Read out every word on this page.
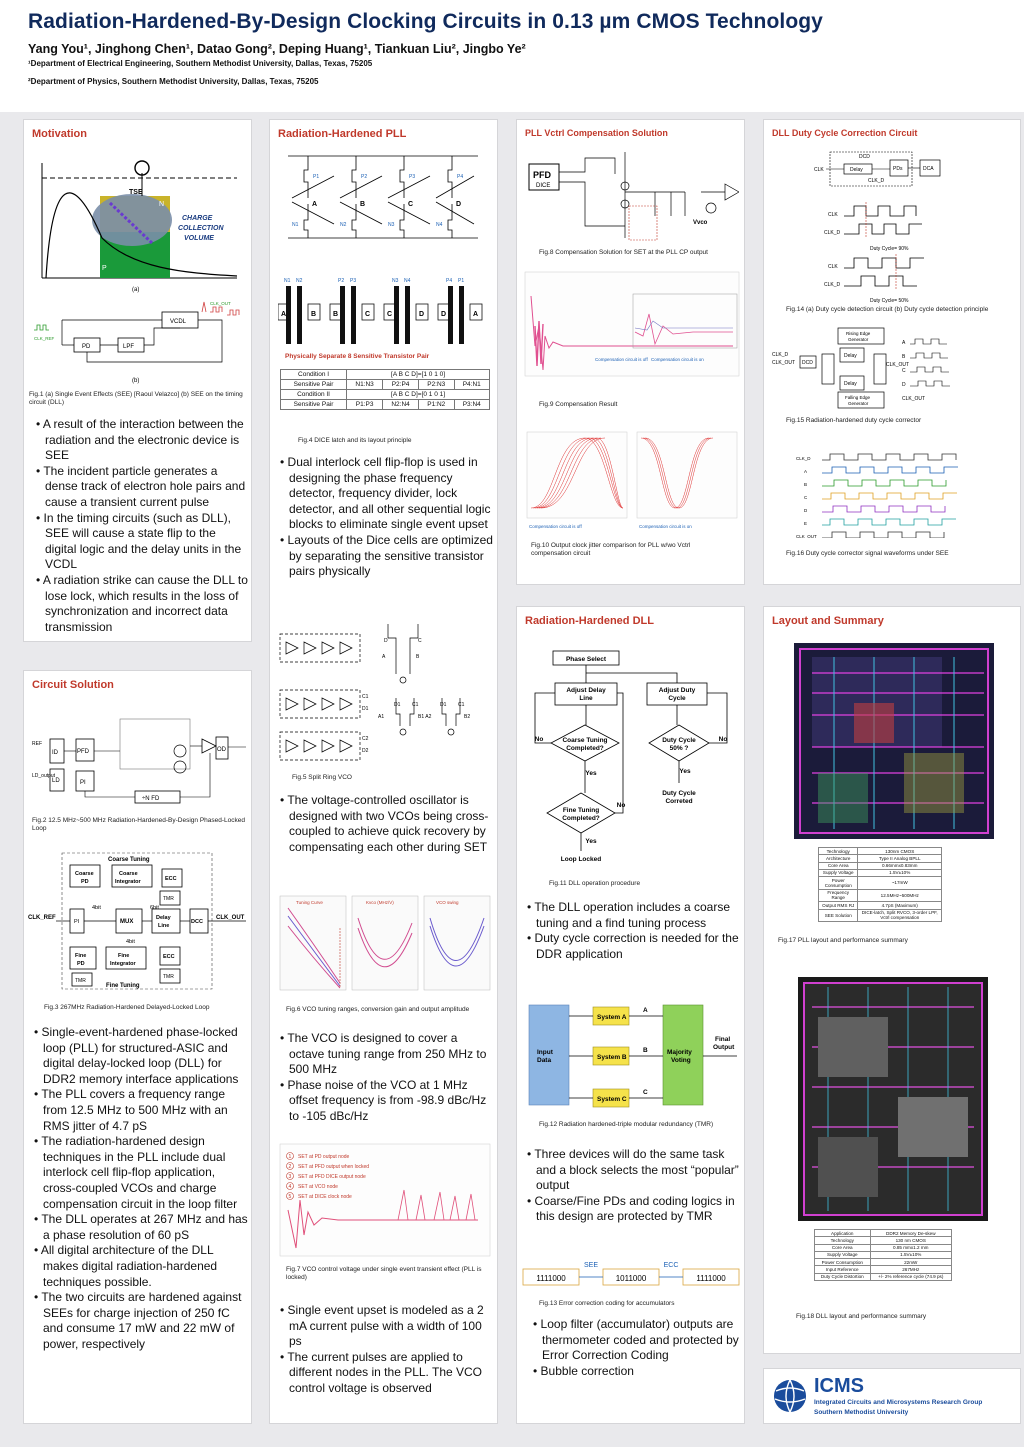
Radiation-Hardened-By-Design Clocking Circuits in 0.13 µm CMOS Technology
Yang You¹, Jinghong Chen¹, Datao Gong², Deping Huang¹, Tiankuan Liu², Jingbo Ye²
¹Department of Electrical Engineering, Southern Methodist University, Dallas, Texas, 75205
²Department of Physics, Southern Methodist University, Dallas, Texas, 75205
Motivation
TSE
P
N
CHARGE
COLLECTION
VOLUME
(a)
PD	LPF
VCDL
CLK_REF
CLK_OUT
(b)
Fig.1 (a) Single Event Effects (SEE) [Raoul Velazco] (b) SEE on the timing circuit (DLL)
• A result of the interaction between the radiation and the electronic device is SEE
• The incident particle generates a dense track of electron hole pairs and cause a transient current pulse
• In the timing circuits (such as DLL), SEE will cause a state flip to the digital logic and the delay units in the VCDL
• A radiation strike can cause the DLL to lose lock, which results in the loss of synchronization and incorrect data transmission
Circuit Solution
ID
LD
PFD
PI
OD
÷N FD
REF
LD_output
Fig.2 12.5 MHz~500 MHz Radiation-Hardened-By-Design Phased-Locked Loop
Coarse Tuning
Coarse
PD
Coarse
Integrator	ECC
TMR
6bit
PI	MUX
4bit
Delay
Line
DCC
CLK_REF	CLK_OUT
4bit
Fine
PD
Fine
Integrator
ECC
TMR
TMR
Fine Tuning
Fig.3 267MHz Radiation-Hardened Delayed-Locked Loop
• Single-event-hardened phase-locked loop (PLL) for structured-ASIC and digital delay-locked loop (DLL) for DDR2 memory interface applications
• The PLL covers a frequency range from 12.5 MHz to 500 MHz with an RMS jitter of 4.7 pS
• The radiation-hardened design techniques in the PLL include dual interlock cell flip-flop application, cross-coupled VCOs and charge compensation circuit in the loop filter
• The DLL operates at 267 MHz and has a phase resolution of 60 pS
• All digital architecture of the DLL makes digital radiation-hardened techniques possible.
• The two circuits are hardened against SEEs for charge injection of 250 fC and consume 17 mW and 22 mW of power, respectively
Radiation-Hardened PLL
P1	P2	P3	P4
N1	N2	N3	N4
A	B	C	D
A	B B	C C	D D	A
N1 N2	P2 P3	N3 N4	P4 P1
Physically Separate 8 Sensitive Transistor Pair
Condition I	[A B C D]=[1 0 1 0]			
Sensitive Pair	N1:N3	P2:P4	P2:N3	P4:N1
Condition II	[A B C D]=[0 1 0 1]			
Sensitive Pair	P1:P3	N2:N4	P1:N2	P3:N4
Fig.4 DICE latch and its layout principle
• Dual interlock cell flip-flop is used in designing the phase frequency detector, frequency divider, lock detector, and all other sequential logic blocks to eliminate single event upset
• Layouts of the Dice cells are optimized by separating the sensitive transistor pairs physically
D	C
A	B
D1 C1	D1 C1
A1	B1 A2	B2
C1
D1
C2
D2
Fig.5 Split Ring VCO
• The voltage-controlled oscillator is designed with two VCOs being cross-coupled to achieve quick recovery by compensating each other during SET
Tuning Curve	Kvco (MHz/V)	VCO swing
Fig.6 VCO tuning ranges, conversion gain and output amplitude
• The VCO is designed to cover a octave tuning range from 250 MHz to 500 MHz
• Phase noise of the VCO at 1 MHz offset frequency is from -98.9 dBc/Hz to -105 dBc/Hz
1 SET at PD output node
2 SET at PFD output when locked
3 SET at PFD DICE output node
4 SET at VCO node
5 SET at DICE clock node
Fig.7 VCO control voltage under single event transient effect (PLL is locked)
• Single event upset is modeled as a 2 mA current pulse with a width of 100 ps
• The current pulses are applied to different nodes in the PLL. The VCO control voltage is observed
PLL Vctrl Compensation Solution
PFD
DICE
Vvco
Fig.8 Compensation Solution for SET at the PLL CP output
Compensation circuit is off Compensation circuit is on
Fig.9 Compensation Result
Compensation circuit is off	Compensation circuit is on
Fig.10 Output clock jitter comparison for PLL w/wo Vctrl compensation circuit
Radiation-Hardened DLL
Phase Select
Adjust Delay
Line
Adjust Duty
Cycle
Coarse Tuning
Completed?
Duty Cycle
50% ?
Fine Tuning
Completed?
Loop Locked
Duty Cycle
Correted
No	No
No
Yes	Yes
Yes
Fig.11 DLL operation procedure
• The DLL operation includes a coarse tuning and a find tuning process
• Duty cycle correction is needed for the DDR application
Input
Data
System A
System B
System C
Majority
Voting
Final
Output
A
B
C
Fig.12 Radiation hardened-triple modular redundancy (TMR)
• Three devices will do the same task and a block selects the most “popular” output
• Coarse/Fine PDs and coding logics in this design are protected by TMR
1111000	1011000	1111000
SEE	ECC
Fig.13 Error correction coding for accumulators
• Loop filter (accumulator) outputs are thermometer coded and protected by Error Correction Coding
• Bubble correction
DLL Duty Cycle Correction Circuit
DCD
Delay	PDs	DCA
CLK
CLK_D
CLK
CLK_D
CLK
CLK_D
Duty Cycle= 90%
Duty Cycle= 50%
Fig.14 (a) Duty cycle detection circuit (b) Duty cycle detection principle
Rising Edge
Generator
Delay
DCD
Delay
Falling Edge
Generator
CLK_D
CLK_OUT	CLK_OUT
A
B
C
D
CLK_OUT
Fig.15 Radiation-hardened duty cycle corrector
CLK_D
A
B
C
D
E
CLK_OUT
Fig.16 Duty cycle corrector signal waveforms under SEE
Layout and Summary
Technology	130nm CMOS
Architecture	Type II Analog BPLL
Core Area	0.66mmx0.83mm
Supply Voltage	1.5V±10%
Power Consumption	~17mW
Frequency Range	12.5MHz~500MHz
Output RMS RJ	4.7pS (Maximum)
SEE Solution	DICE-latch, Split RVCO, 3-order LPF, Vctrl compensation
Fig.17 PLL layout and performance summary
Application	DDR2 Memory De-skew
Technology	130 nm CMOS
Core Area	0.85 mmx1.2 mm
Supply Voltage	1.5V±10%
Power Consumption	22mW
Input Reference	267MHz
Duty Cycle Distortion	+/- 2% reference cycle (74.9 ps)
Fig.18 DLL layout and performance summary
ICMS
Integrated Circuits and Microsystems Research Group
Southern Methodist University
